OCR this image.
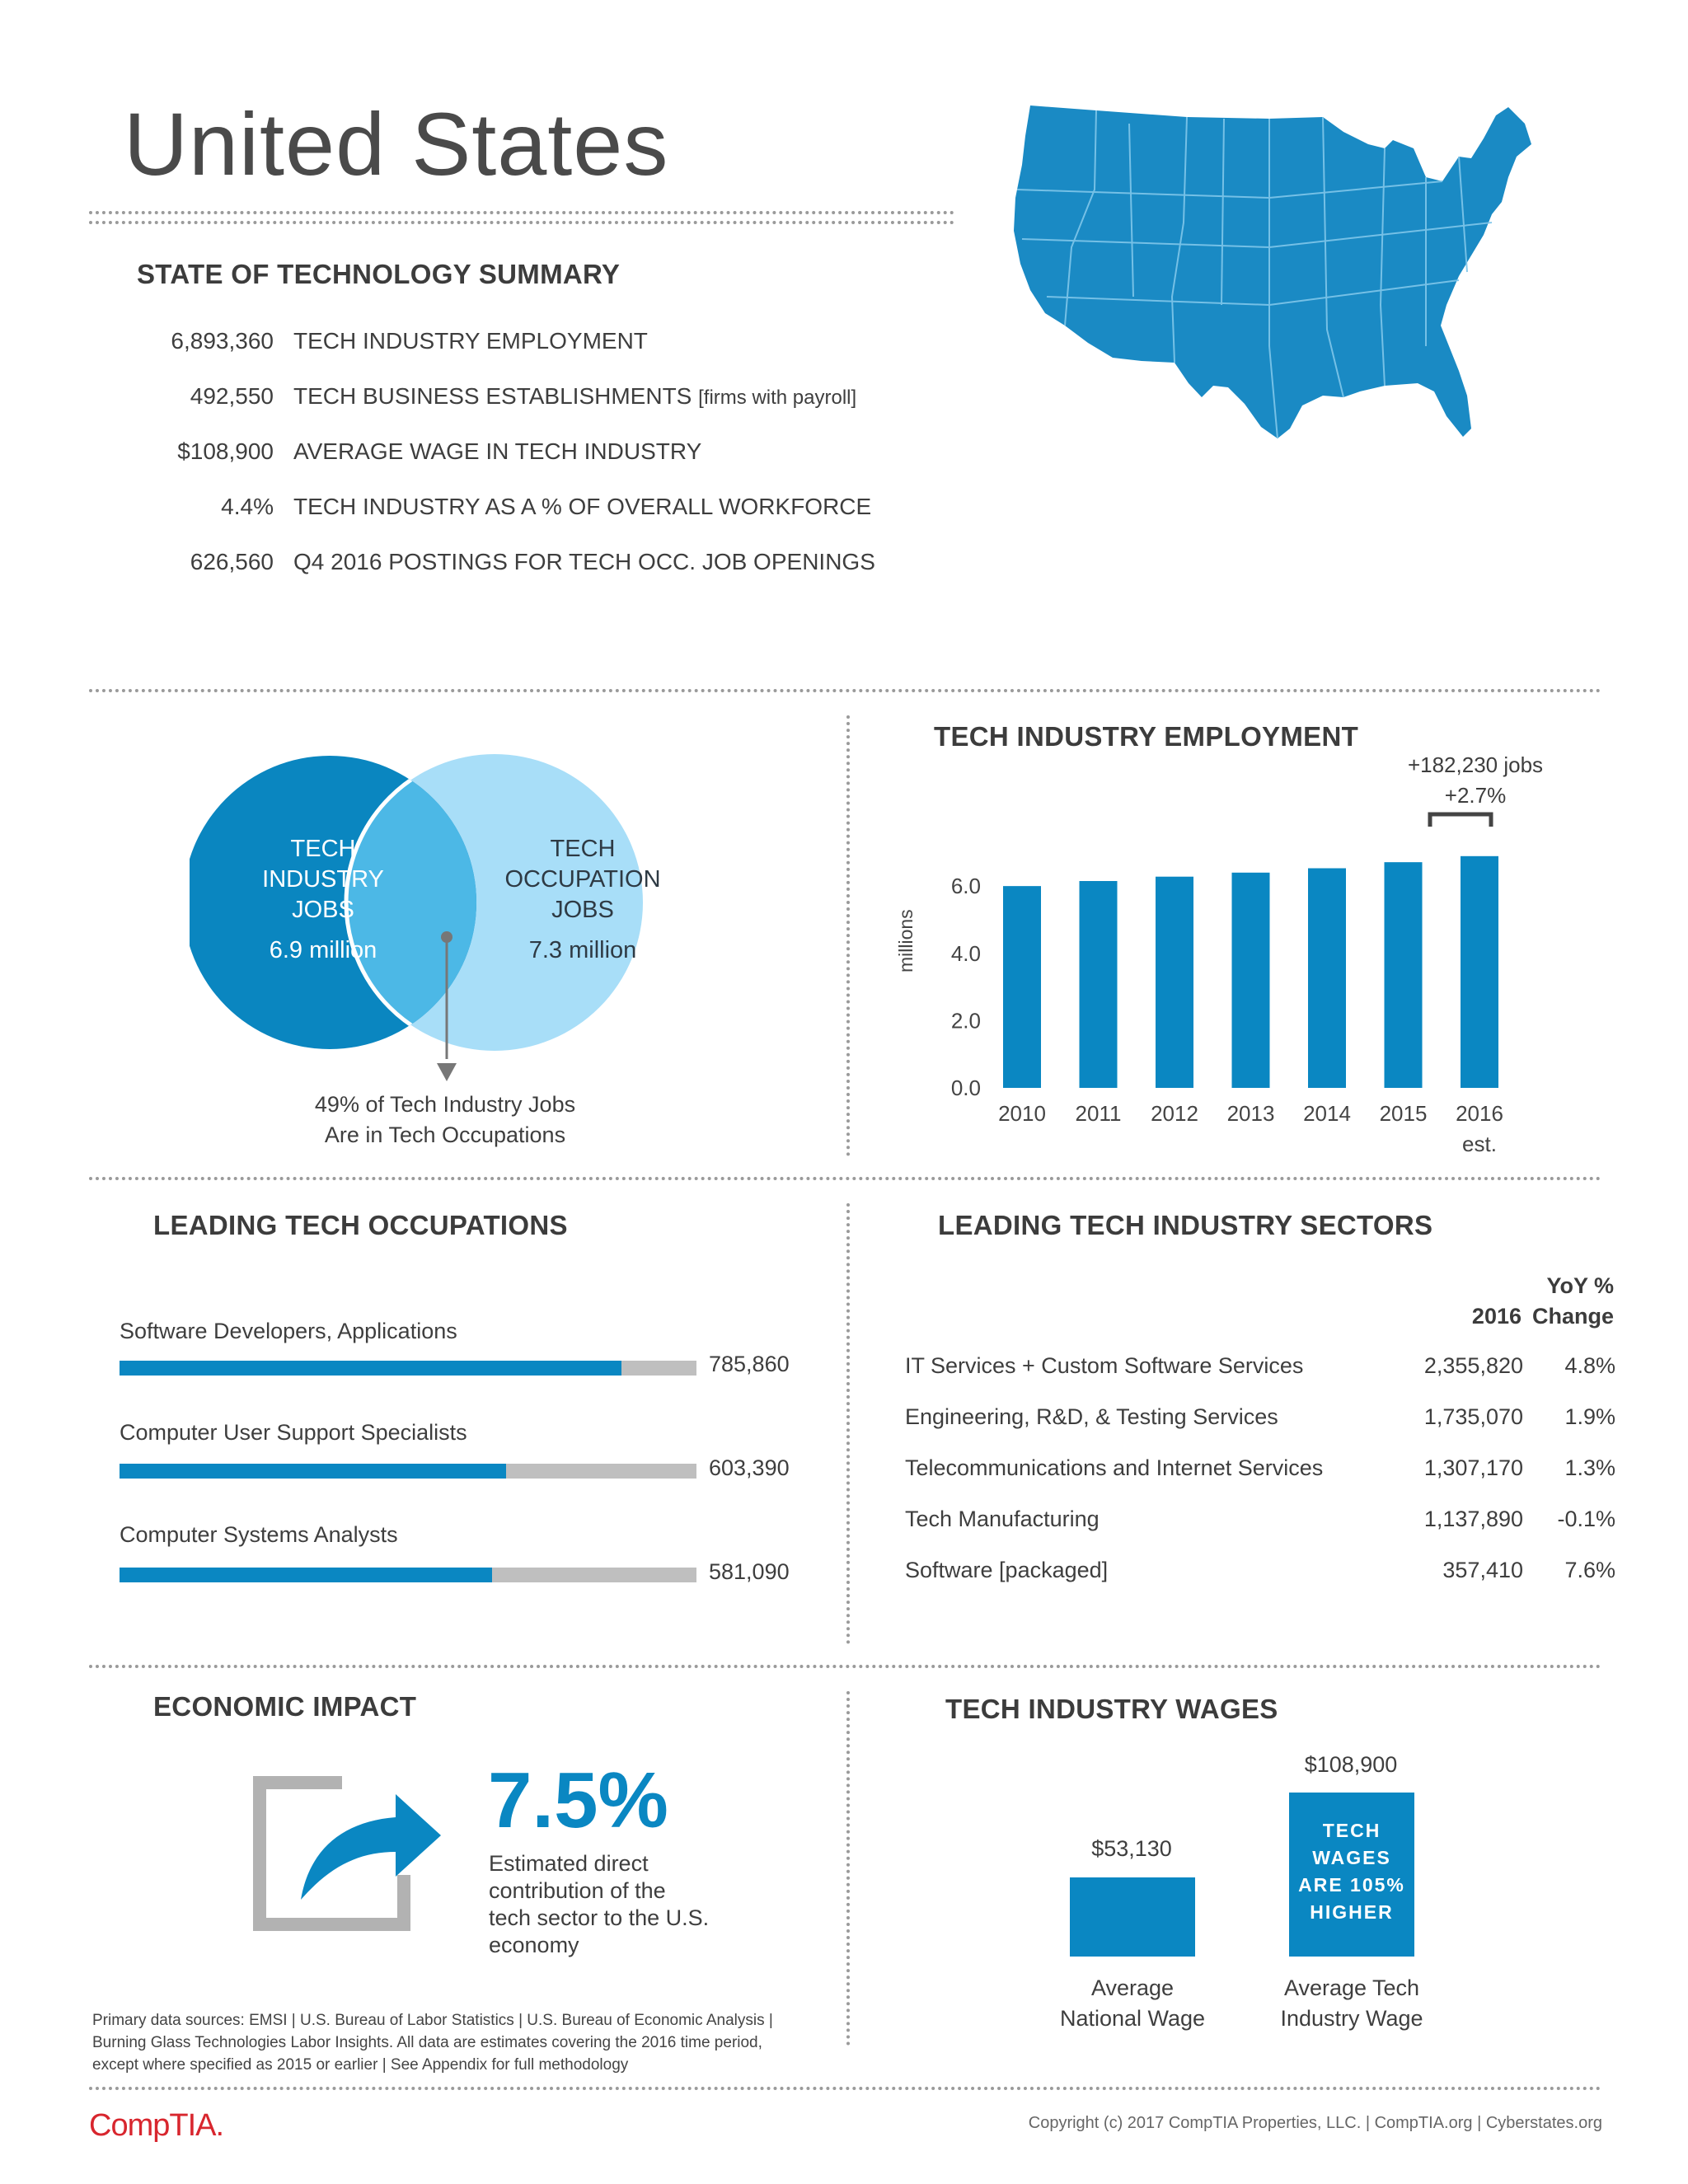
United States
STATE OF TECHNOLOGY SUMMARY
6,893,360 TECH INDUSTRY EMPLOYMENT
492,550 TECH BUSINESS ESTABLISHMENTS [firms with payroll]
$108,900 AVERAGE WAGE IN TECH INDUSTRY
4.4% TECH INDUSTRY AS A % OF OVERALL WORKFORCE
626,560 Q4 2016 POSTINGS FOR TECH OCC. JOB OPENINGS
TECH
INDUSTRY
JOBS
6.9 million
TECH
OCCUPATION
JOBS
7.3 million
49% of Tech Industry Jobs
Are in Tech Occupations
TECH INDUSTRY EMPLOYMENT
+182,230 jobs
+2.7%
millions
0.0
2.0
4.0
6.0
2010 2011 2012 2013 2014 2015 2016
est.
LEADING TECH OCCUPATIONS
Software Developers, Applications
785,860
Computer User Support Specialists
603,390
Computer Systems Analysts
581,090
LEADING TECH INDUSTRY SECTORS
YoY %
2016 Change
IT Services + Custom Software Services	2,355,820 4.8%
Engineering, R&D, & Testing Services	1,735,070 1.9%
Telecommunications and Internet Services	1,307,170 1.3%
Tech Manufacturing	1,137,890 -0.1%
Software [packaged]	357,410 7.6%
ECONOMIC IMPACT
7.5%
Estimated direct
contribution of the
tech sector to the U.S.
economy
Primary data sources: EMSI | U.S. Bureau of Labor Statistics | U.S. Bureau of Economic Analysis |
Burning Glass Technologies Labor Insights. All data are estimates covering the 2016 time period,
except where specified as 2015 or earlier | See Appendix for full methodology
TECH INDUSTRY WAGES
$108,900
$53,130
TECH
WAGES
ARE 105%
HIGHER
Average
National Wage
Average Tech
Industry Wage
CompTIA.	Copyright (c) 2017 CompTIA Properties, LLC. | CompTIA.org | Cyberstates.org
